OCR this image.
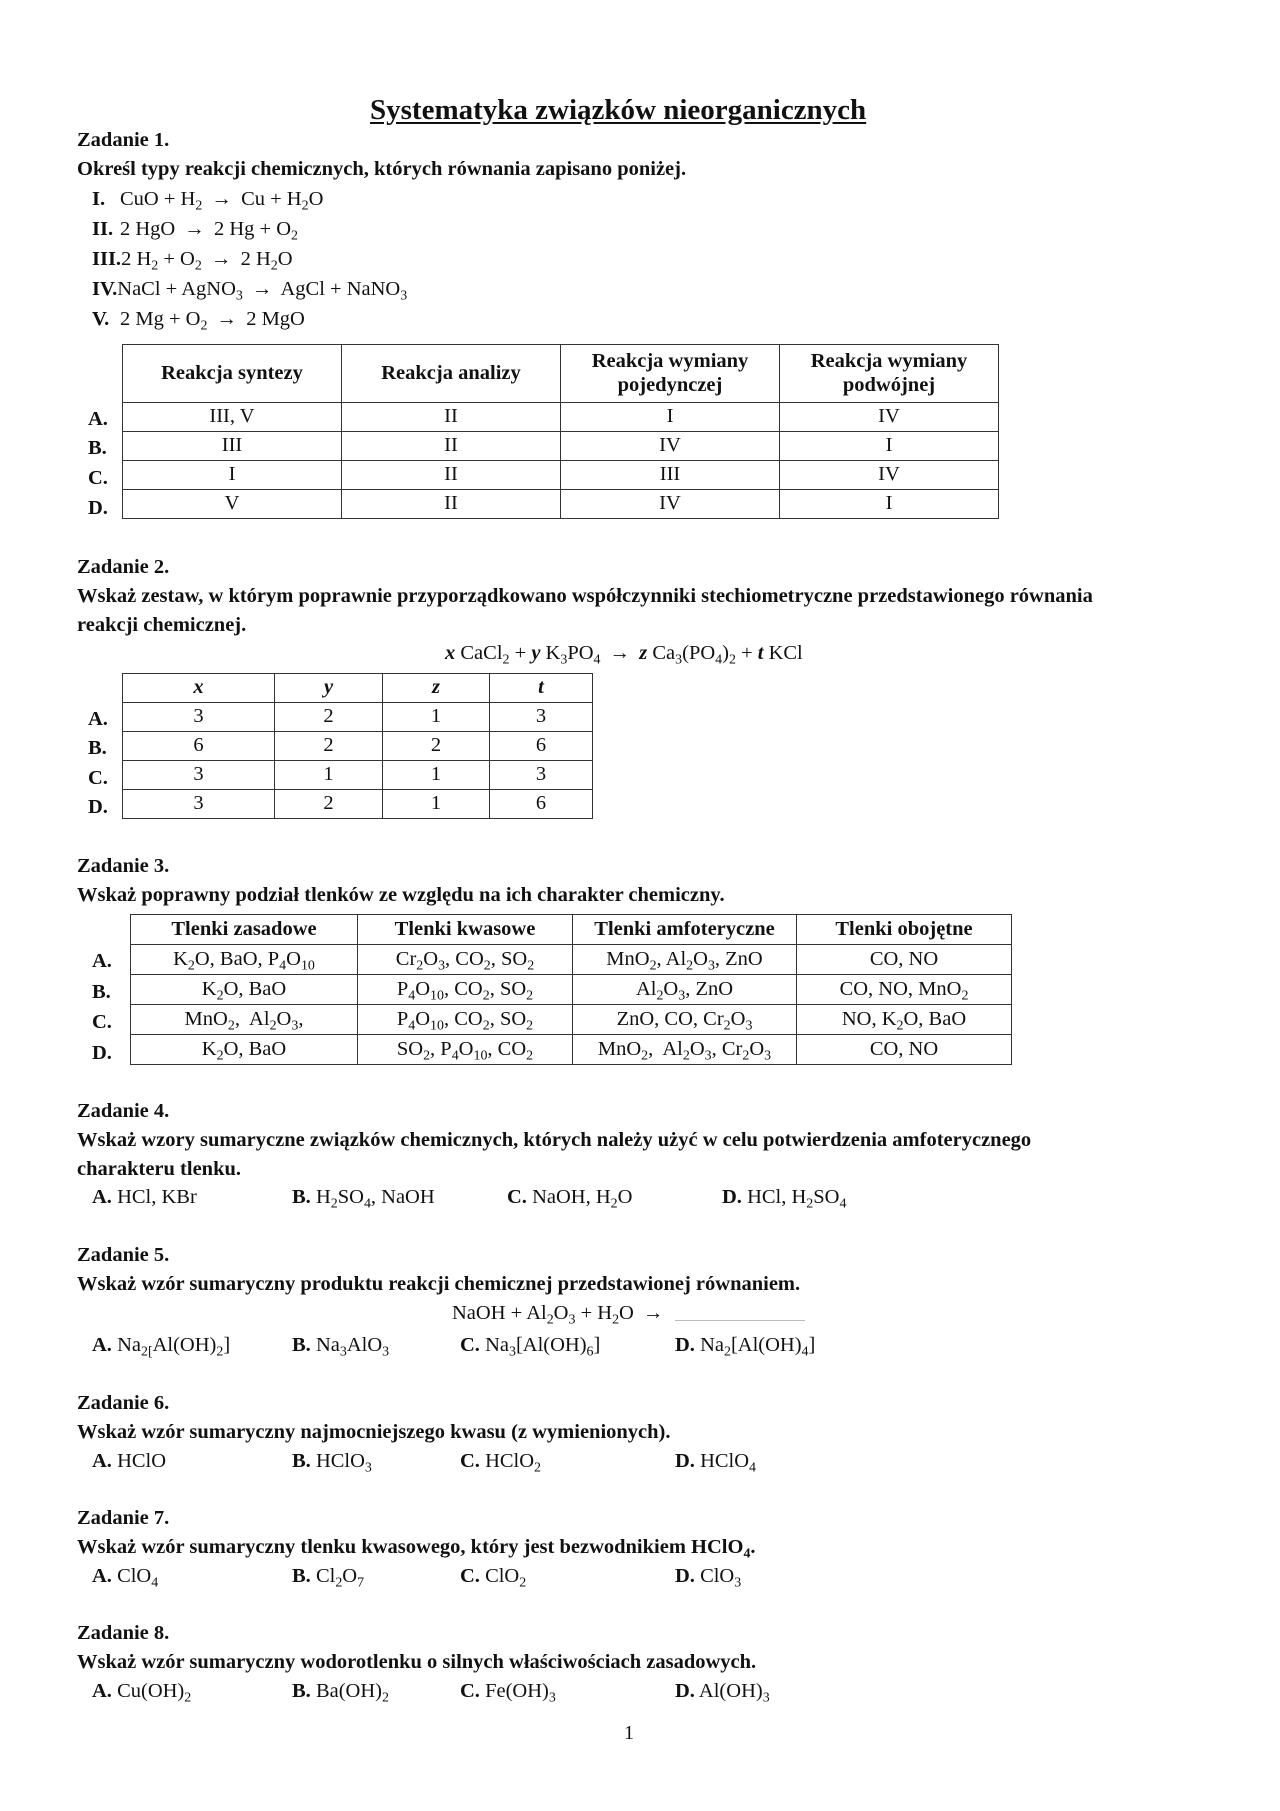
Systematyka związków nieorganicznych
Zadanie 1.
Określ typy reakcji chemicznych, których równania zapisano poniżej.
I. CuO + $H_2 \to Cu + H_2O$
II. 2 HgO → 2 $Hg + O_2$
III.2 $H_2 + O_2 \to 2$ $H_2O$
IV.NaCl + AgNO$_3$ → AgCl + NaNO$_3$
V. 2 $Mg + O_2 \to 2$ MgO
Reakcja syntezy	Reakcja analizy	Reakcja wymiany pojedynczej	Reakcja wymiany podwójnej
III, V	II	I	IV
III	II	IV	I
I	II	III	IV
V	II	IV	I
A.
B.
C.
D.
Zadanie 2.
Wskaż zestaw, w którym poprawnie przyporządkowano współczynniki stechiometryczne przedstawionego równania
reakcji chemicznej.
x CaCl$_2$ + y $K_3PO_4 \to z$ $Ca_3(PO_4)_2 + t$ KCl
x	y	z	t
3	2	1	3
6	2	2	6
3	1	1	3
3	2	1	6
A.
B.
C.
D.
Zadanie 3.
Wskaż poprawny podział tlenków ze względu na ich charakter chemiczny.
Tlenki zasadowe	Tlenki kwasowe	Tlenki amfoteryczne	Tlenki obojętne
$K_2O$, BaO, $P_4O_{10}$	$Cr_2O_3$, $CO_2$, $SO_2$	MnO$_2$, $Al_2O_3$, ZnO	CO, NO
$K_2O$, BaO	$P_4O_{10}$, $CO_2$, $SO_2$	$Al_2O_3$, ZnO	CO, NO, MnO$_2$
MnO$_2$,  $Al_2O_3$,	$P_4O_{10}$, $CO_2$, $SO_2$	ZnO, CO, $Cr_2O_3$	NO, $K_2O$, BaO
$K_2O$, BaO	$SO_2$, $P_4O_{10}$, $CO_2$	MnO$_2$,  $Al_2O_3$, $Cr_2O_3$	CO, NO
A.
B.
C.
D.
Zadanie 4.
Wskaż wzory sumaryczne związków chemicznych, których należy użyć w celu potwierdzenia amfoterycznego
charakteru tlenku.
A. HCl, KBr	B. $H_2SO_4$, NaOH	C. NaOH, $H_2O$	D. HCl, $H_2SO_4$
Zadanie 5.
Wskaż wzór sumaryczny produktu reakcji chemicznej przedstawionej równaniem.
NaOH + $Al_2O_3 + H_2O$ →
A. $Na_{2[}Al(OH)_2$]	B. $Na_3AlO_3$	C. $Na_3[Al(OH)_6]$	D. $Na_2[Al(OH)_4]$
Zadanie 6.
Wskaż wzór sumaryczny najmocniejszego kwasu (z wymienionych).
A. HClO	B. HClO$_3$	C. HClO$_2$	D. HClO$_4$
Zadanie 7.
Wskaż wzór sumaryczny tlenku kwasowego, który jest bezwodnikiem HClO$_4$.
A. ClO$_4$	B. $Cl_2O_7$	C. ClO$_2$	D. ClO$_3$
Zadanie 8.
Wskaż wzór sumaryczny wodorotlenku o silnych właściwościach zasadowych.
A. $Cu(OH)_2$	B. $Ba(OH)_2$	C. $Fe(OH)_3$	D. $Al(OH)_3$
1
